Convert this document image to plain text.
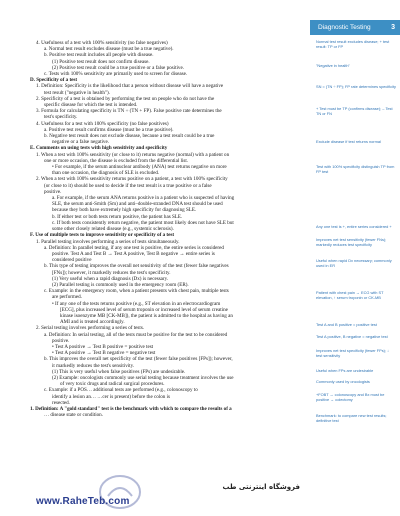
Diagnostic Testing	3
4. Usefulness of a test with 100% sensitivity (no false negatives)
a. Normal test result excludes disease (must be a true negative).
b. Positive test result includes all people with disease.
(1) Positive test result does not confirm disease.
(2) Positive test result could be a true positive or a false positive.
c. Tests with 100% sensitivity are primarily used to screen for disease.
D. Specificity of a test
1. Definition: Specificity is the likelihood that a person without disease will have a negative
test result ("negative in health").
2. Specificity of a test is obtained by performing the test on people who do not have the
specific disease for which the test is intended.
3. Formula for calculating specificity is TN ÷ (TN + FP). False positive rate determines the
test's specificity.
4. Usefulness for a test with 100% specificity (no false positives)
a. Positive test result confirms disease (must be a true positive).
b. Negative test result does not exclude disease, because a test result could be a true
negative or a false negative.
E. Comments on using tests with high sensitivity and specificity
1. When a test with 100% sensitivity (or close to it) returns negative (normal) with a patient on
one or more occasion, the disease is excluded from the differential list.
• For example, if the serum antinuclear antibody (ANA) test returns negative on more
than one occasion, the diagnosis of SLE is excluded.
2. When a test with 100% sensitivity returns positive on a patient, a test with 100% specificity
(or close to it) should be used to decide if the test result is a true positive or a false
positive.
a. For example, if the serum ANA returns positive in a patient who is suspected of having
SLE, the serum anti-Smith (Sm) and anti–double-stranded DNA test should be used
because they both have extremely high specificity for diagnosing SLE.
b. If either test or both tests return positive, the patient has SLE.
c. If both tests consistently return negative, the patient most likely does not have SLE but
some other closely related disease (e.g., systemic sclerosis).
F. Use of multiple tests to improve sensitivity or specificity of a test
1. Parallel testing involves performing a series of tests simultaneously.
a. Definition: In parallel testing, if any one test is positive, the entire series is considered
positive. Test A and Test B → Test A positive, Test B negative → entire series is
considered positive
b. This type of testing improves the overall net sensitivity of the test (fewer false negatives
[FNs]); however, it markedly reduces the test's specificity.
(1) Very useful when a rapid diagnosis (Dx) is necessary.
(2) Parallel testing is commonly used in the emergency room (ER).
c. Example: in the emergency room, when a patient presents with chest pain, multiple tests
are performed.
• If any one of the tests returns positive (e.g., ST elevation in an electrocardiogram
[ECG], plus increased level of serum troponin or increased level of serum creatine
kinase isoenzyme MB [CK-MB]), the patient is admitted to the hospital as having an
AMI and is treated accordingly.
2. Serial testing involves performing a series of tests.
a. Definition: In serial testing, all of the tests must be positive for the test to be considered
positive.
• Test A positive → Test B positive = positive test
• Test A positive → Test B negative = negative test
b. This improves the overall net specificity of the test (fewer false positives [FPs]); however,
it markedly reduces the test's sensitivity.
(1) This is very useful when false positives (FPs) are undesirable.
(2) Example: oncologists commonly use serial testing because treatment involves the use
of very toxic drugs and radical surgical procedures.
c. Example: if a POS… additional tests are performed (e.g., colonoscopy to
identify a lesion an… …cer is present) before the colon is
resected.
1. Definition: A "gold standard" test is the benchmark with which to compare the results of a
… disease state or condition.
Normal test result excludes disease; + test result: TP or FP
"Negative in health"
SN = (TN ÷ FP); FP rate determines specificity
+ Test must be TP (confirms disease); – Test TN or FN
Exclude disease if test returns normal
Test with 100% specificity distinguish TP from FP test
Any one test is +, entire series considered +
Improves net test sensitivity (fewer FNs); markedly reduces test specificity
Useful when rapid Dx necessary; commonly used in ER
Patient with chest pain → ECG with ST elevation, ↑ serum troponin or CK-MB
Test A and B positive = positive test
Test A positive, B negative = negative test
Improves net test specificity (fewer FPs); ↓ test sensitivity
Useful when FPs are undesirable
Commonly used by oncologists
+FOBT → colonoscopy and Bx must be positive → colectomy
Benchmark: to compare new test results; definitive test
فروشگاه اینترنتی طب
www.RaheTeb.com
